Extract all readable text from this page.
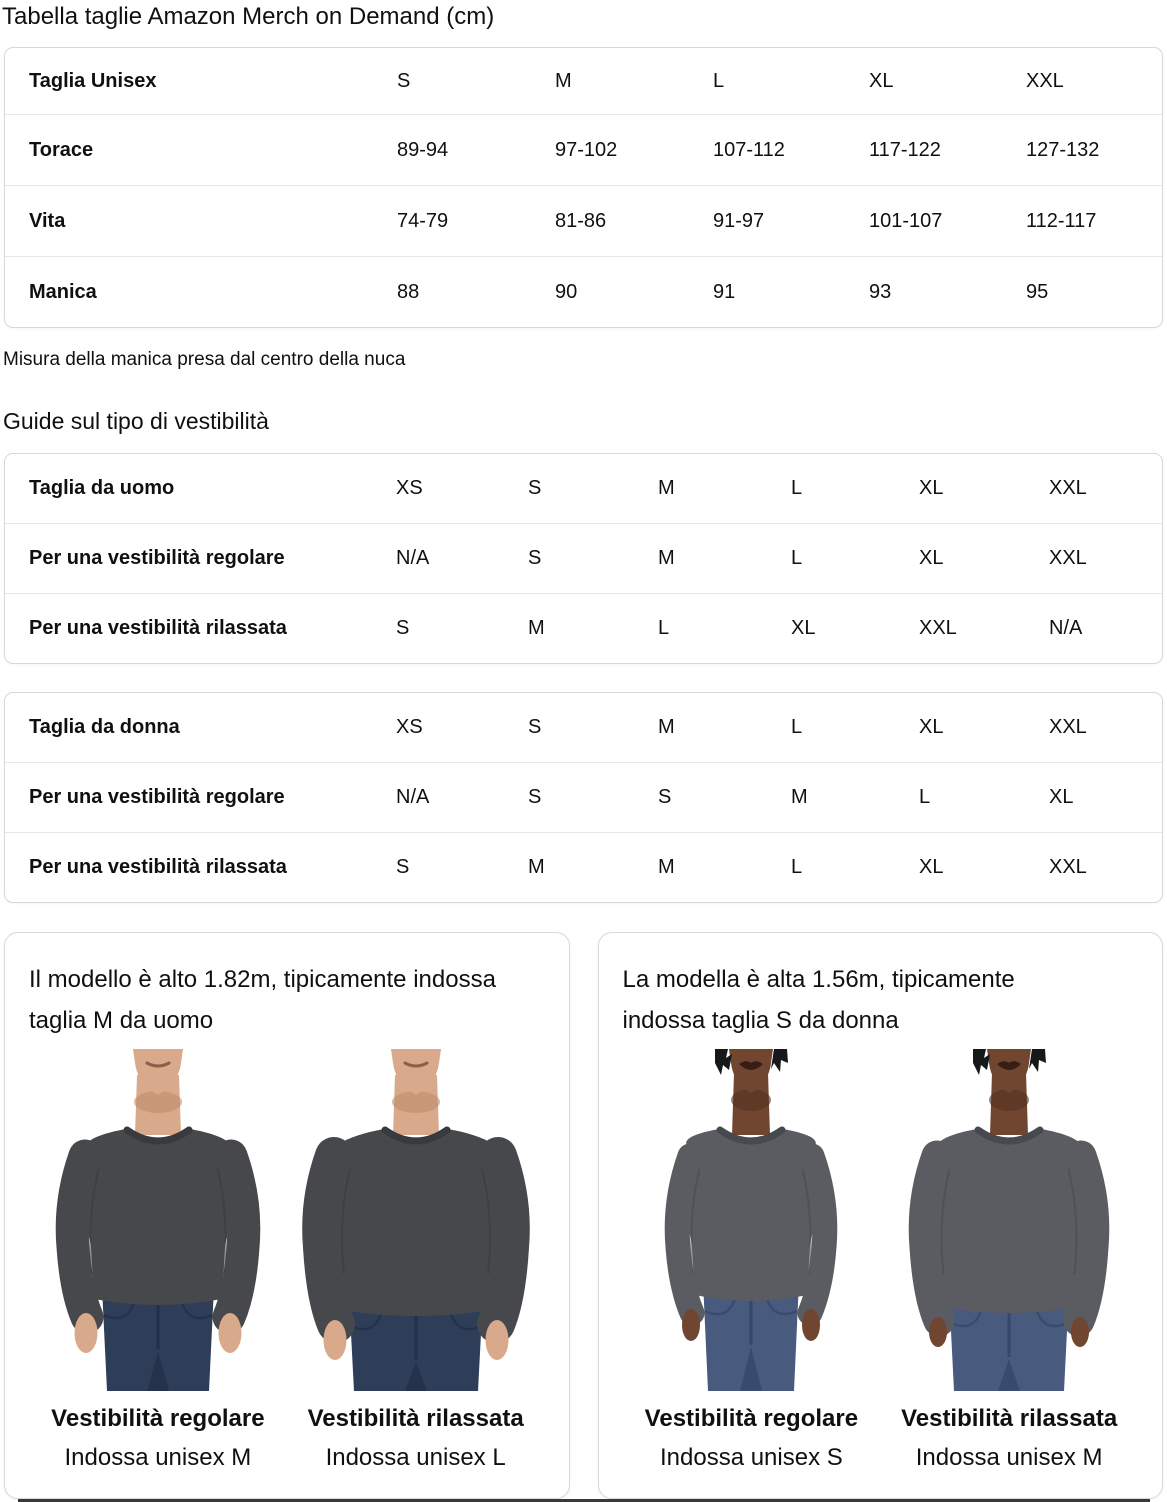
Tabella taglie Amazon Merch on Demand (cm)
Taglia Unisex	S	M	L	XL	XXL
Torace	89-94	97-102	107-112	117-122	127-132
Vita	74-79	81-86	91-97	101-107	112-117
Manica	88	90	91	93	95

Misura della manica presa dal centro della nuca

Guide sul tipo di vestibilità
Taglia da uomo	XS	S	M	L	XL	XXL
Per una vestibilità regolare	N/A	S	M	L	XL	XXL
Per una vestibilità rilassata	S	M	L	XL	XXL	N/A
Taglia da donna	XS	S	M	L	XL	XXL
Per una vestibilità regolare	N/A	S	S	M	L	XL
Per una vestibilità rilassata	S	M	M	L	XL	XXL

Il modello è alto 1.82m, tipicamente indossa taglia M da uomo

Vestibilità regolare
Indossa unisex M
Vestibilità rilassata
Indossa unisex L

La modella è alta 1.56m, tipicamente indossa taglia S da donna

Vestibilità regolare
Indossa unisex S
Vestibilità rilassata
Indossa unisex M
